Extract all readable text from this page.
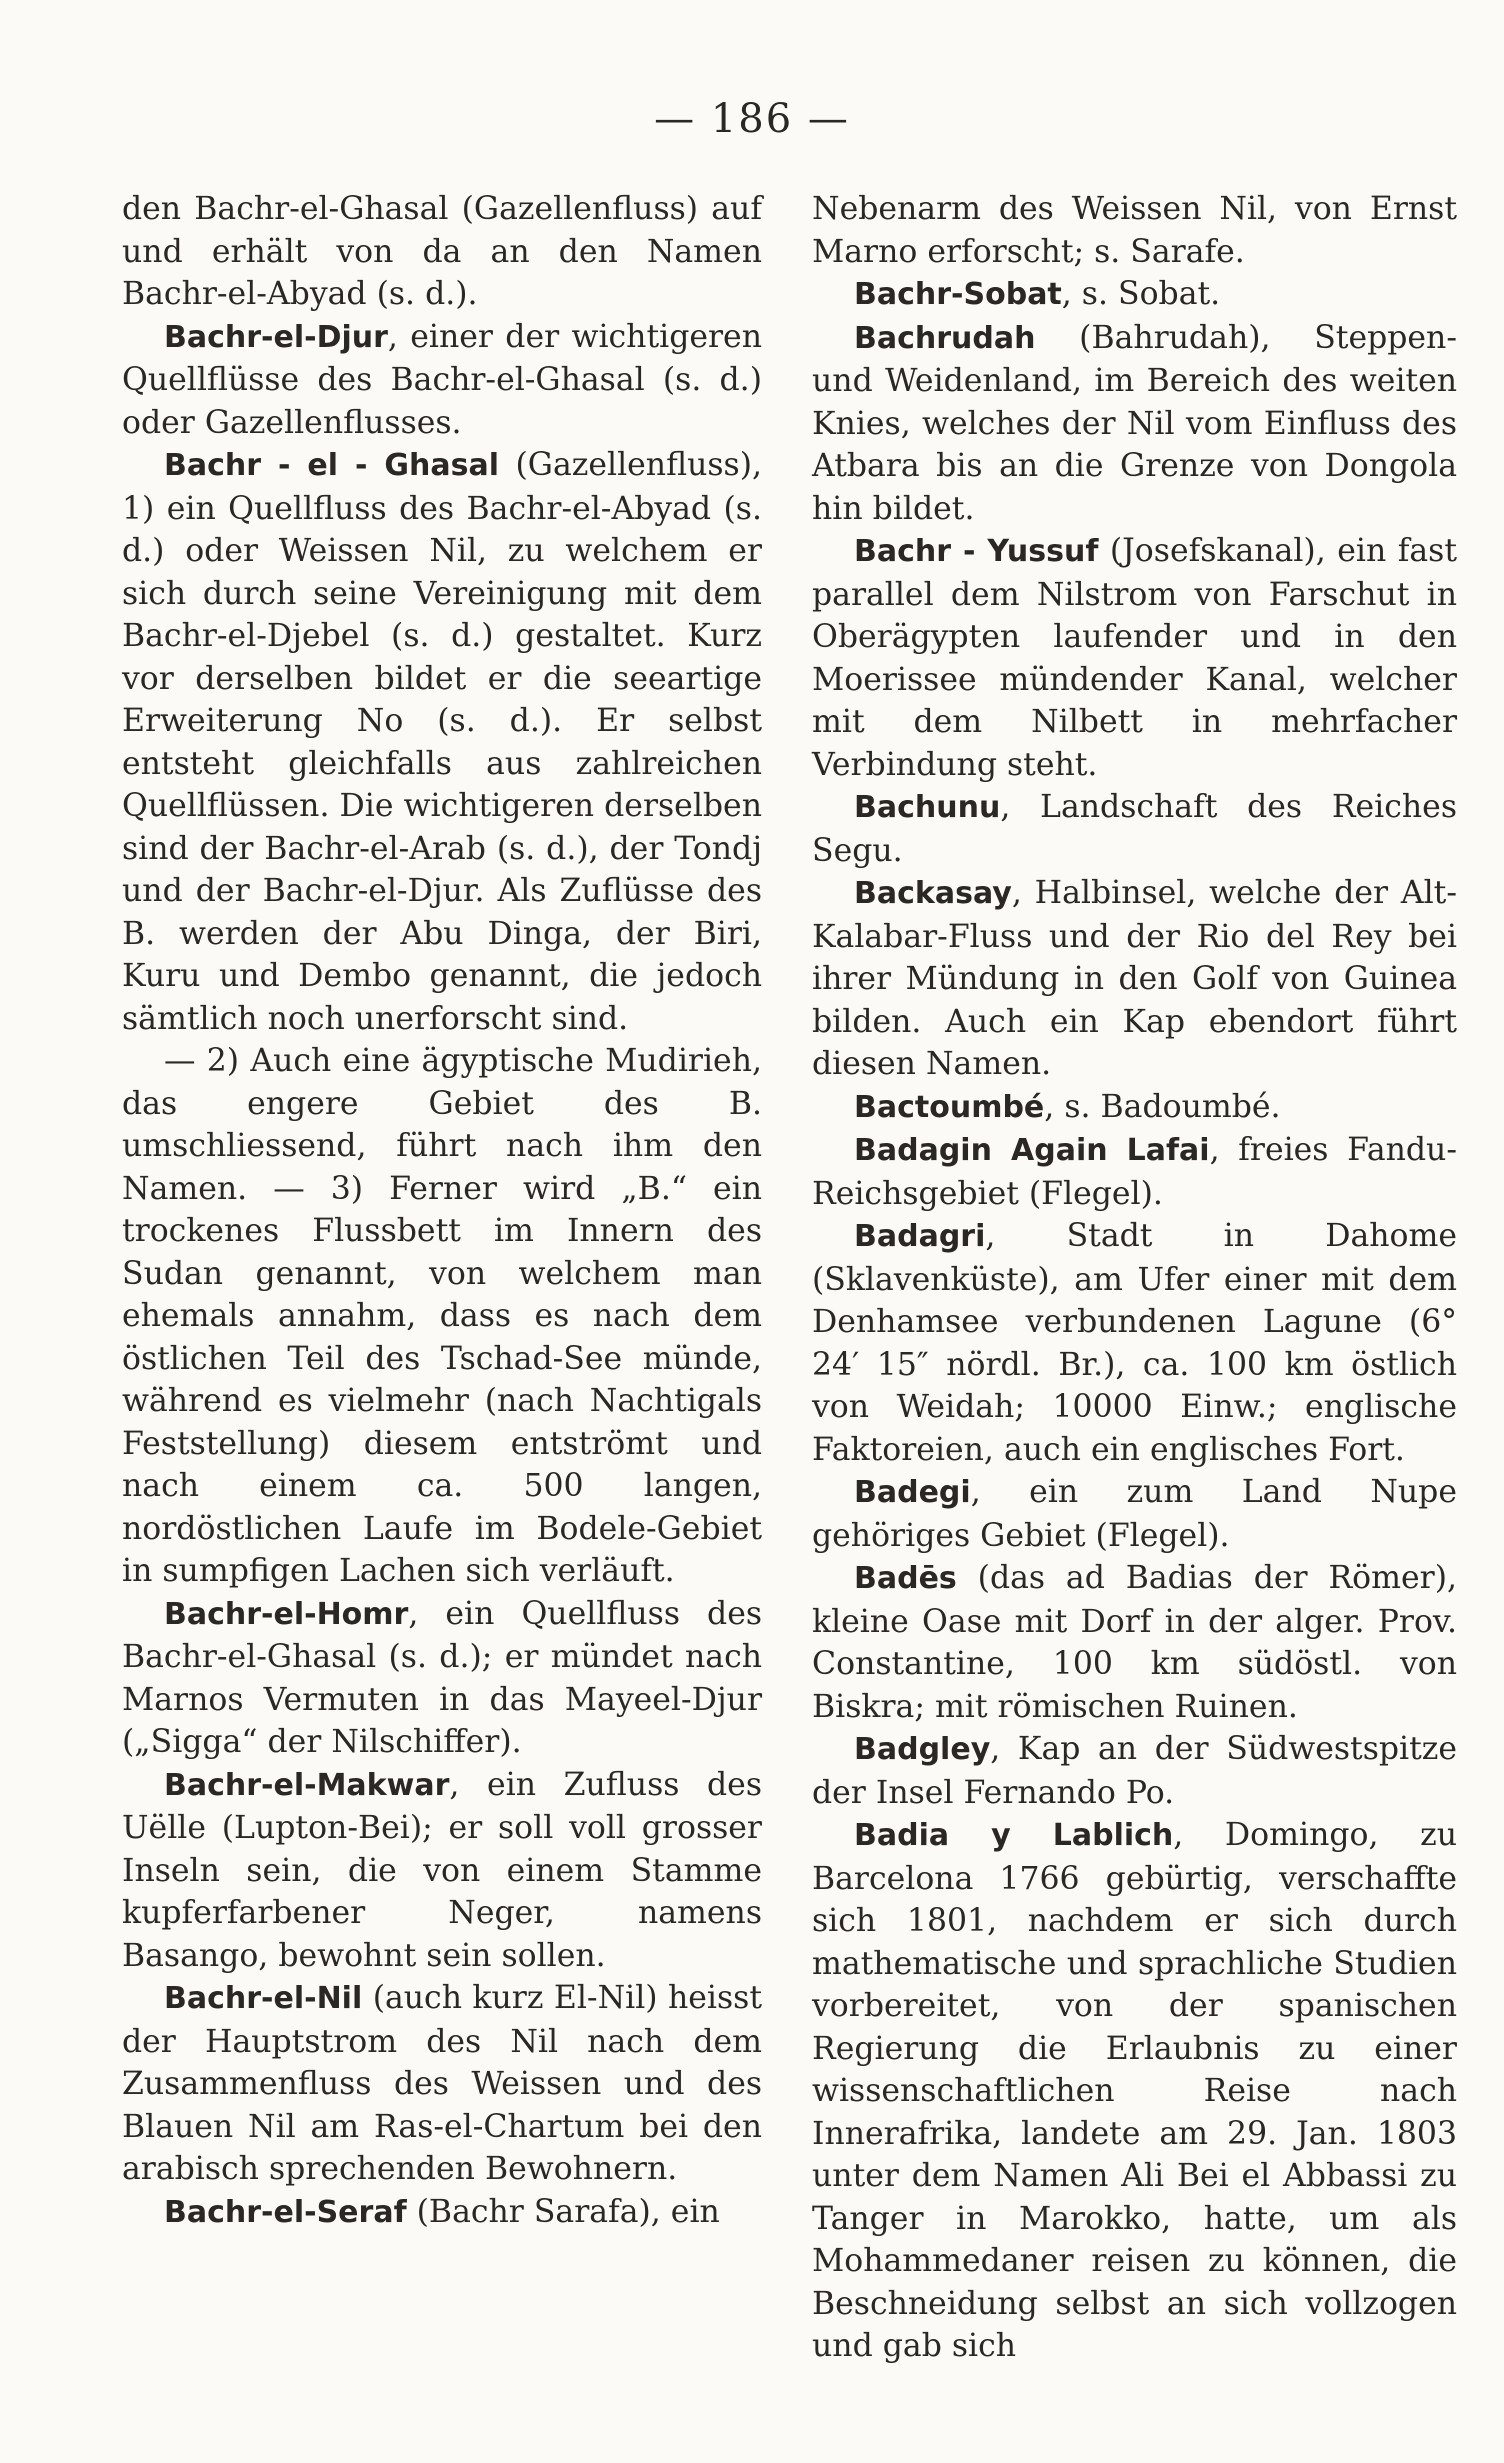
— 186 —

den Bachr-el-Ghasal (Gazellenfluss) auf und erhält von da an den Namen Bachr-el-Abyad (s. d.).

Bachr-el-Djur, einer der wichtigeren Quellflüsse des Bachr-el-Ghasal (s. d.) oder Gazellenflusses.

Bachr - el - Ghasal (Gazellenfluss), 1) ein Quellfluss des Bachr-el-Abyad (s. d.) oder Weissen Nil, zu welchem er sich durch seine Vereinigung mit dem Bachr-el-Djebel (s. d.) gestaltet. Kurz vor derselben bildet er die seeartige Erweiterung No (s. d.). Er selbst entsteht gleichfalls aus zahlreichen Quellflüssen. Die wichtigeren derselben sind der Bachr-el-Arab (s. d.), der Tondj und der Bachr-el-Djur. Als Zuflüsse des B. werden der Abu Dinga, der Biri, Kuru und Dembo genannt, die jedoch sämtlich noch unerforscht sind.

— 2) Auch eine ägyptische Mudirieh, das engere Gebiet des B. umschliessend, führt nach ihm den Namen. — 3) Ferner wird „B.“ ein trockenes Flussbett im Innern des Sudan genannt, von welchem man ehemals annahm, dass es nach dem östlichen Teil des Tschad-See münde, während es vielmehr (nach Nachtigals Feststellung) diesem entströmt und nach einem ca. 500 langen, nordöstlichen Laufe im Bodele-Gebiet in sumpfigen Lachen sich verläuft.

Bachr-el-Homr, ein Quellfluss des Bachr-el-Ghasal (s. d.); er mündet nach Marnos Vermuten in das Mayeel-Djur („Sigga“ der Nilschiffer).

Bachr-el-Makwar, ein Zufluss des Uëlle (Lupton-Bei); er soll voll grosser Inseln sein, die von einem Stamme kupferfarbener Neger, namens Basango, bewohnt sein sollen.

Bachr-el-Nil (auch kurz El-Nil) heisst der Hauptstrom des Nil nach dem Zusammenfluss des Weissen und des Blauen Nil am Ras-el-Chartum bei den arabisch sprechenden Bewohnern.

Bachr-el-Seraf (Bachr Sarafa), ein

Nebenarm des Weissen Nil, von Ernst Marno erforscht; s. Sarafe.

Bachr-Sobat, s. Sobat.

Bachrudah (Bahrudah), Steppen- und Weidenland, im Bereich des weiten Knies, welches der Nil vom Einfluss des Atbara bis an die Grenze von Dongola hin bildet.

Bachr - Yussuf (Josefskanal), ein fast parallel dem Nilstrom von Farschut in Oberägypten laufender und in den Moerissee mündender Kanal, welcher mit dem Nilbett in mehrfacher Verbindung steht.

Bachunu, Landschaft des Reiches Segu.

Backasay, Halbinsel, welche der Alt-Kalabar-Fluss und der Rio del Rey bei ihrer Mündung in den Golf von Guinea bilden. Auch ein Kap ebendort führt diesen Namen.

Bactoumbé, s. Badoumbé.

Badagin Again Lafai, freies Fandu-Reichsgebiet (Flegel).

Badagri, Stadt in Dahome (Sklavenküste), am Ufer einer mit dem Denhamsee verbundenen Lagune (6° 24′ 15″ nördl. Br.), ca. 100 km östlich von Weidah; 10000 Einw.; englische Faktoreien, auch ein englisches Fort.

Badegi, ein zum Land Nupe gehöriges Gebiet (Flegel).

Badēs (das ad Badias der Römer), kleine Oase mit Dorf in der alger. Prov. Constantine, 100 km südöstl. von Biskra; mit römischen Ruinen.

Badgley, Kap an der Südwestspitze der Insel Fernando Po.

Badia y Lablich, Domingo, zu Barcelona 1766 gebürtig, verschaffte sich 1801, nachdem er sich durch mathematische und sprachliche Studien vorbereitet, von der spanischen Regierung die Erlaubnis zu einer wissenschaftlichen Reise nach Innerafrika, landete am 29. Jan. 1803 unter dem Namen Ali Bei el Abbassi zu Tanger in Marokko, hatte, um als Mohammedaner reisen zu können, die Beschneidung selbst an sich vollzogen und gab sich
